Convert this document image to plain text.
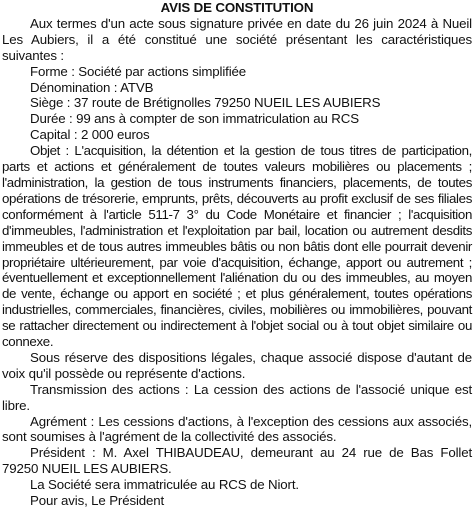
AVIS DE CONSTITUTION

Aux termes d'un acte sous signature privée en date du 26 juin 2024 à Nueil Les Aubiers, il a été constitué une société présentant les caractéristiques suivantes :

Forme : Société par actions simplifiée

Dénomination : ATVB

Siège : 37 route de Brétignolles 79250 NUEIL LES AUBIERS

Durée : 99 ans à compter de son immatriculation au RCS

Capital : 2 000 euros

Objet : L'acquisition, la détention et la gestion de tous titres de participation, parts et actions et généralement de toutes valeurs mobilières ou placements ; l'administration, la gestion de tous instruments financiers, placements, de toutes opérations de trésorerie, emprunts, prêts, découverts au profit exclusif de ses filiales conformément à l'article 511-7 3° du Code Monétaire et financier ; l'acquisition d'immeubles, l'administration et l'exploitation par bail, location ou autrement desdits immeubles et de tous autres immeubles bâtis ou non bâtis dont elle pourrait devenir propriétaire ultérieurement, par voie d'acquisition, échange, apport ou autrement ; éventuellement et exceptionnellement l'aliénation du ou des immeubles, au moyen de vente, échange ou apport en société ; et plus généralement, toutes opérations industrielles, commerciales, financières, civiles, mobilières ou immobilières, pouvant se rattacher directement ou indirectement à l'objet social ou à tout objet similaire ou connexe.

Sous réserve des dispositions légales, chaque associé dispose d'autant de voix qu'il possède ou représente d'actions.

Transmission des actions : La cession des actions de l'associé unique est libre.

Agrément : Les cessions d'actions, à l'exception des cessions aux associés, sont soumises à l'agrément de la collectivité des associés.

Président : M. Axel THIBAUDEAU, demeurant au 24 rue de Bas Follet 79250 NUEIL LES AUBIERS.

La Société sera immatriculée au RCS de Niort.

Pour avis, Le Président
